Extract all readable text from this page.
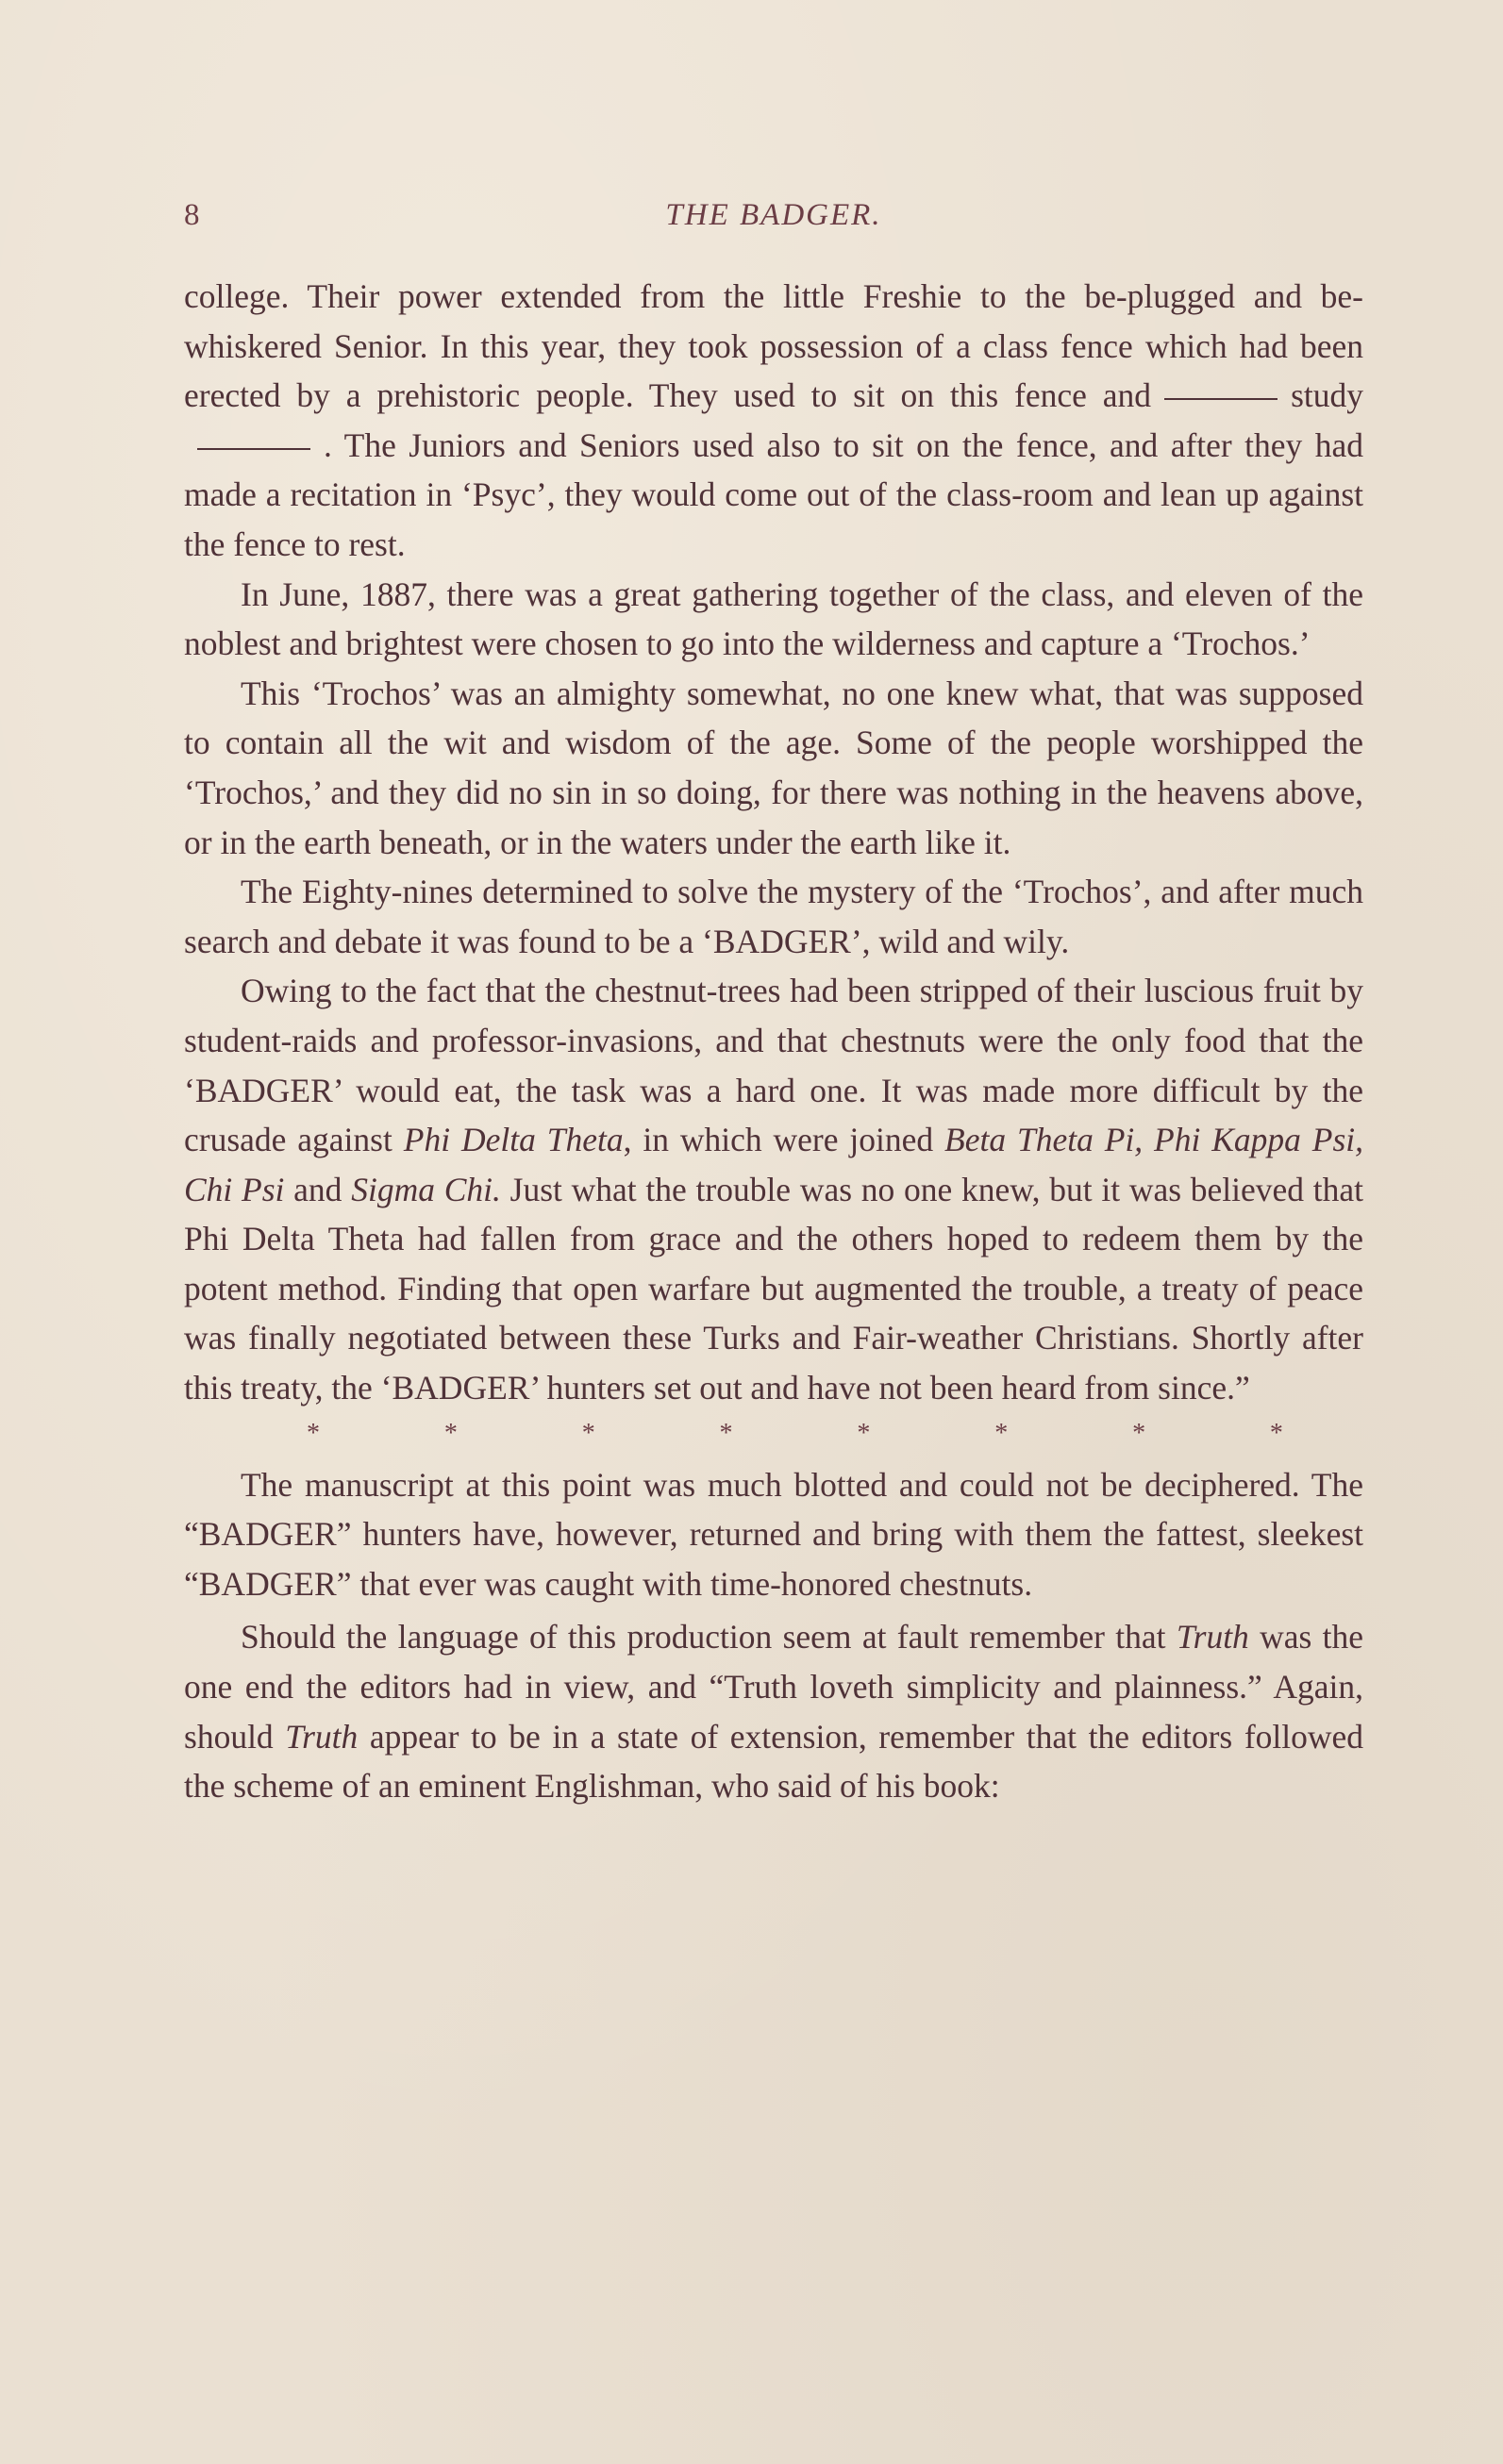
8	THE BADGER.

college. Their power extended from the little Freshie to the be-plugged and be-whiskered Senior. In this year, they took possession of a class fence which had been erected by a prehistoric people. They used to sit on this fence and	study. The Juniors and Seniors used also to sit on the fence, and after they had made a recitation in ‘Psyc’, they would come out of the class-room and lean up against the fence to rest.

In June, 1887, there was a great gathering together of the class, and eleven of the noblest and brightest were chosen to go into the wilderness and capture a ‘Trochos.’

This ‘Trochos’ was an almighty somewhat, no one knew what, that was supposed to contain all the wit and wisdom of the age. Some of the people worshipped the ‘Trochos,’ and they did no sin in so doing, for there was nothing in the heavens above, or in the earth beneath, or in the waters under the earth like it.

The Eighty-nines determined to solve the mystery of the ‘Trochos’, and after much search and debate it was found to be a ‘BADGER’, wild and wily.

Owing to the fact that the chestnut-trees had been stripped of their luscious fruit by student-raids and professor-invasions, and that chestnuts were the only food that the ‘BADGER’ would eat, the task was a hard one. It was made more difficult by the crusade against Phi Delta Theta, in which were joined Beta Theta Pi, Phi Kappa Psi, Chi Psi and Sigma Chi. Just what the trouble was no one knew, but it was believed that Phi Delta Theta had fallen from grace and the others hoped to redeem them by the potent method. Finding that open warfare but augmented the trouble, a treaty of peace was finally negotiated between these Turks and Fair-weather Christians. Shortly after this treaty, the ‘BADGER’ hunters set out and have not been heard from since.”

*	*	*	*	*	*	*	*

The manuscript at this point was much blotted and could not be deciphered. The “BADGER” hunters have, however, returned and bring with them the fattest, sleekest “BADGER” that ever was caught with time-honored chestnuts.

Should the language of this production seem at fault remember that Truth was the one end the editors had in view, and “Truth loveth simplicity and plainness.” Again, should Truth appear to be in a state of extension, remember that the editors followed the scheme of an eminent Englishman, who said of his book:
